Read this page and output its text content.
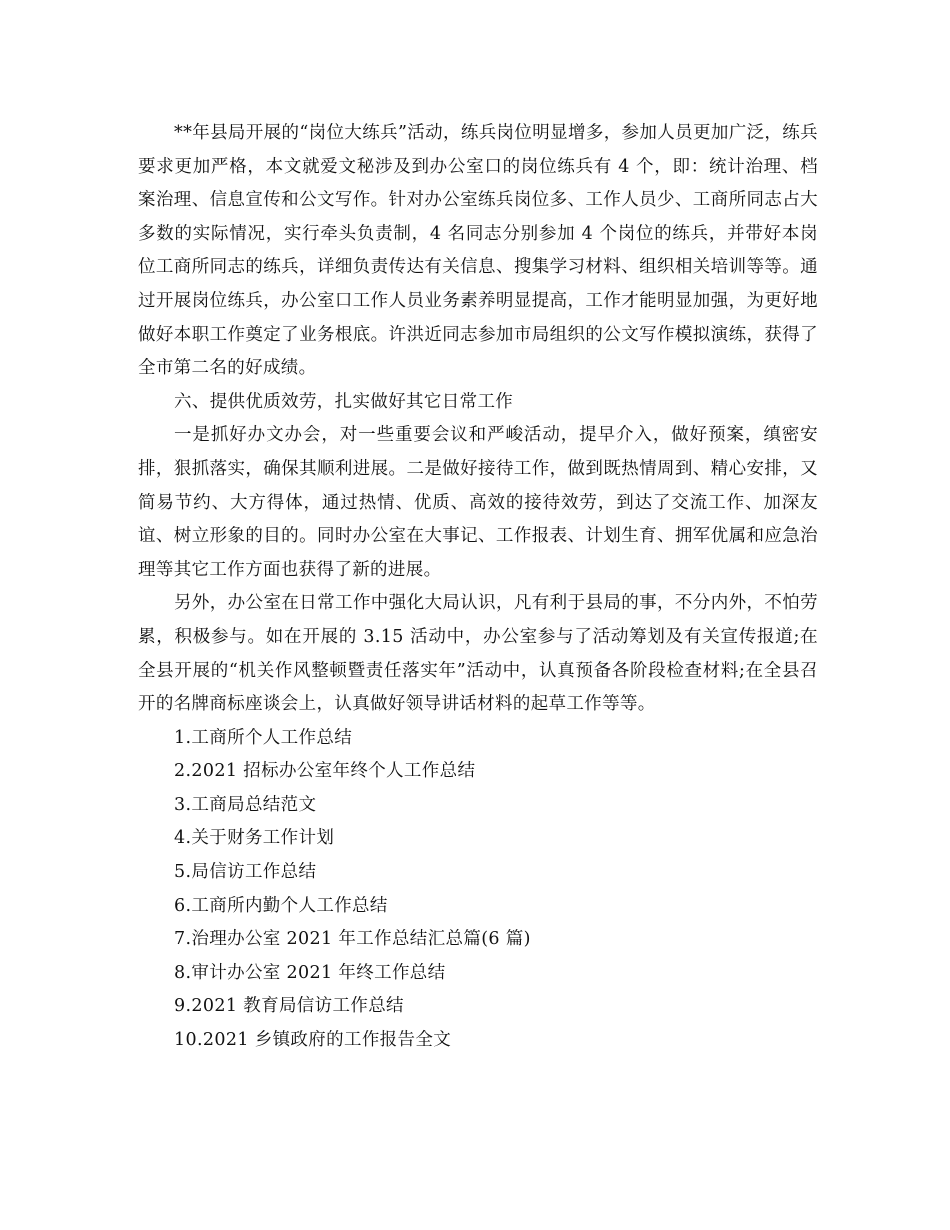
**年县局开展的“岗位大练兵”活动，练兵岗位明显增多，参加人员更加广泛，练兵要求更加严格，本文就爱文秘涉及到办公室口的岗位练兵有 4 个，即：统计治理、档案治理、信息宣传和公文写作。针对办公室练兵岗位多、工作人员少、工商所同志占大多数的实际情况，实行牵头负责制，4 名同志分别参加 4 个岗位的练兵，并带好本岗位工商所同志的练兵，详细负责传达有关信息、搜集学习材料、组织相关培训等等。通过开展岗位练兵，办公室口工作人员业务素养明显提高，工作才能明显加强，为更好地做好本职工作奠定了业务根底。许洪近同志参加市局组织的公文写作模拟演练，获得了全市第二名的好成绩。

六、提供优质效劳，扎实做好其它日常工作

一是抓好办文办会，对一些重要会议和严峻活动，提早介入，做好预案，缜密安排，狠抓落实，确保其顺利进展。二是做好接待工作，做到既热情周到、精心安排，又简易节约、大方得体，通过热情、优质、高效的接待效劳，到达了交流工作、加深友谊、树立形象的目的。同时办公室在大事记、工作报表、计划生育、拥军优属和应急治理等其它工作方面也获得了新的进展。

另外，办公室在日常工作中强化大局认识，凡有利于县局的事，不分内外，不怕劳累，积极参与。如在开展的 3.15 活动中，办公室参与了活动筹划及有关宣传报道;在全县开展的“机关作风整顿暨责任落实年”活动中，认真预备各阶段检查材料;在全县召开的名牌商标座谈会上，认真做好领导讲话材料的起草工作等等。

1.工商所个人工作总结
2.2021 招标办公室年终个人工作总结
3.工商局总结范文
4.关于财务工作计划
5.局信访工作总结
6.工商所内勤个人工作总结
7.治理办公室 2021 年工作总结汇总篇(6 篇)
8.审计办公室 2021 年终工作总结
9.2021 教育局信访工作总结
10.2021 乡镇政府的工作报告全文
